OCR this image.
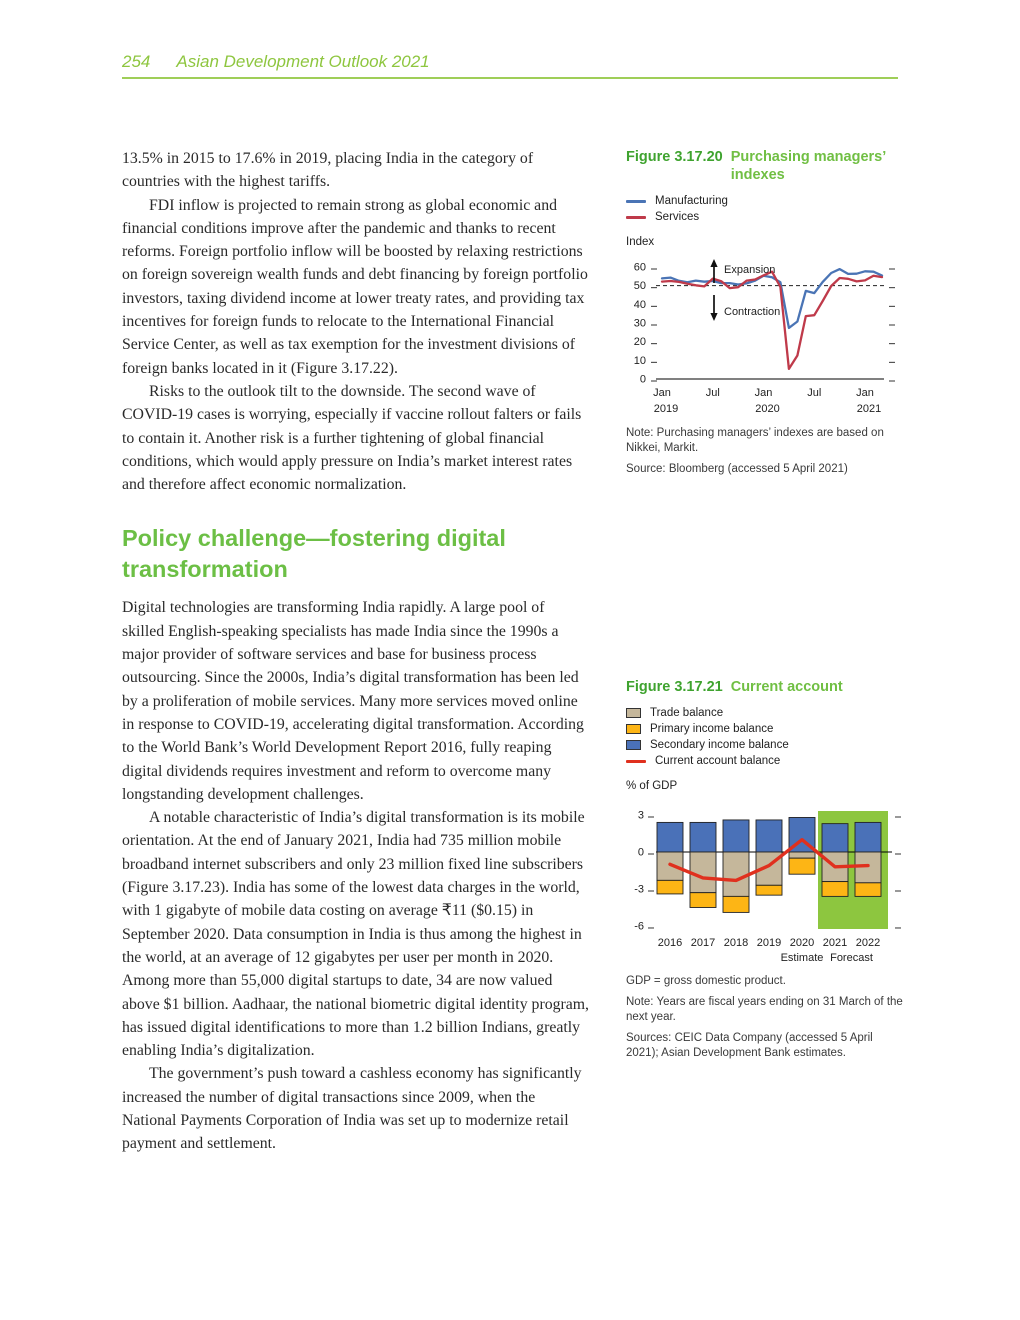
254 Asian Development Outlook 2021

13.5% in 2015 to 17.6% in 2019, placing India in the category of countries with the highest tariffs.

FDI inflow is projected to remain strong as global economic and financial conditions improve after the pandemic and thanks to recent reforms. Foreign portfolio inflow will be boosted by relaxing restrictions on foreign sovereign wealth funds and debt financing by foreign portfolio investors, taxing dividend income at lower treaty rates, and providing tax incentives for foreign funds to relocate to the International Financial Service Center, as well as tax exemption for the investment divisions of foreign banks located in it (Figure 3.17.22).

Risks to the outlook tilt to the downside. The second wave of COVID-19 cases is worrying, especially if vaccine rollout falters or fails to contain it. Another risk is a further tightening of global financial conditions, which would apply pressure on India’s market interest rates and therefore affect economic normalization.

Policy challenge—fostering digital transformation

Digital technologies are transforming India rapidly. A large pool of skilled English-speaking specialists has made India since the 1990s a major provider of software services and base for business process outsourcing. Since the 2000s, India’s digital transformation has been led by a proliferation of mobile services. Many more services moved online in response to COVID-19, accelerating digital transformation. According to the World Bank’s World Development Report 2016, fully reaping digital dividends requires investment and reform to overcome many longstanding development challenges.

A notable characteristic of India’s digital transformation is its mobile orientation. At the end of January 2021, India had 735 million mobile broadband internet subscribers and only 23 million fixed line subscribers (Figure 3.17.23). India has some of the lowest data charges in the world, with 1 gigabyte of mobile data costing on average ₹11 ($0.15) in September 2020. Data consumption in India is thus among the highest in the world, at an average of 12 gigabytes per user per month in 2020. Among more than 55,000 digital startups to date, 34 are now valued above $1 billion. Aadhaar, the national biometric digital identity program, has issued digital identifications to more than 1.2 billion Indians, greatly enabling India’s digitalization.

The government’s push toward a cashless economy has significantly increased the number of digital transactions since 2009, when the National Payments Corporation of India was set up to modernize retail payment and settlement.

Figure 3.17.20 Purchasing managers’ indexes
Manufacturing
Services
Index
0
10
20
30
40
50
60	Expansion
Contraction
Jan	Jul	Jan	Jul	Jan
2019	2020	2021
Note: Purchasing managers’ indexes are based on Nikkei, Markit.
Source: Bloomberg (accessed 5 April 2021)
Figure 3.17.21 Current account
Trade balance
Primary income balance
Secondary income balance
Current account balance
% of GDP
3
0
-3
-6
2016 2017 2018 2019 2020 2021 2022
Estimate Forecast
GDP = gross domestic product.
Note: Years are fiscal years ending on 31 March of the next year.
Sources: CEIC Data Company (accessed 5 April 2021); Asian Development Bank estimates.
